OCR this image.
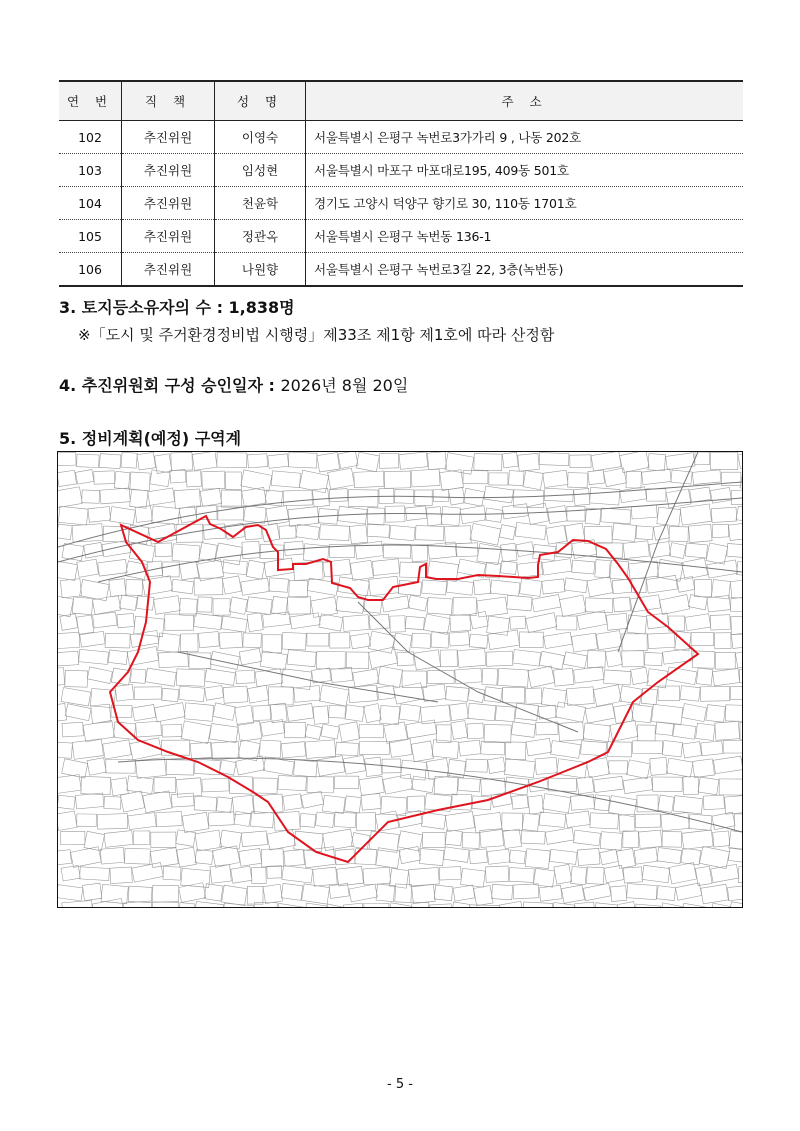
연 번	직 책	성 명	주 소
102	추진위원	이영숙	서울특별시 은평구 녹번로3가가리 9 , 나동 202호
103	추진위원	임성현	서울특별시 마포구 마포대로195, 409동 501호
104	추진위원	천윤학	경기도 고양시 덕양구 향기로 30, 110동 1701호
105	추진위원	정관옥	서울특별시 은평구 녹번동 136-1
106	추진위원	나원향	서울특별시 은평구 녹번로3길 22, 3층(녹번동)
3. 토지등소유자의 수 : 1,838명
※「도시 및 주거환경정비법 시행령」제33조 제1항 제1호에 따라 산정함
4. 추진위원회 구성 승인일자 : 2026년 8월 20일
5. 정비계획(예정) 구역계
- 5 -
